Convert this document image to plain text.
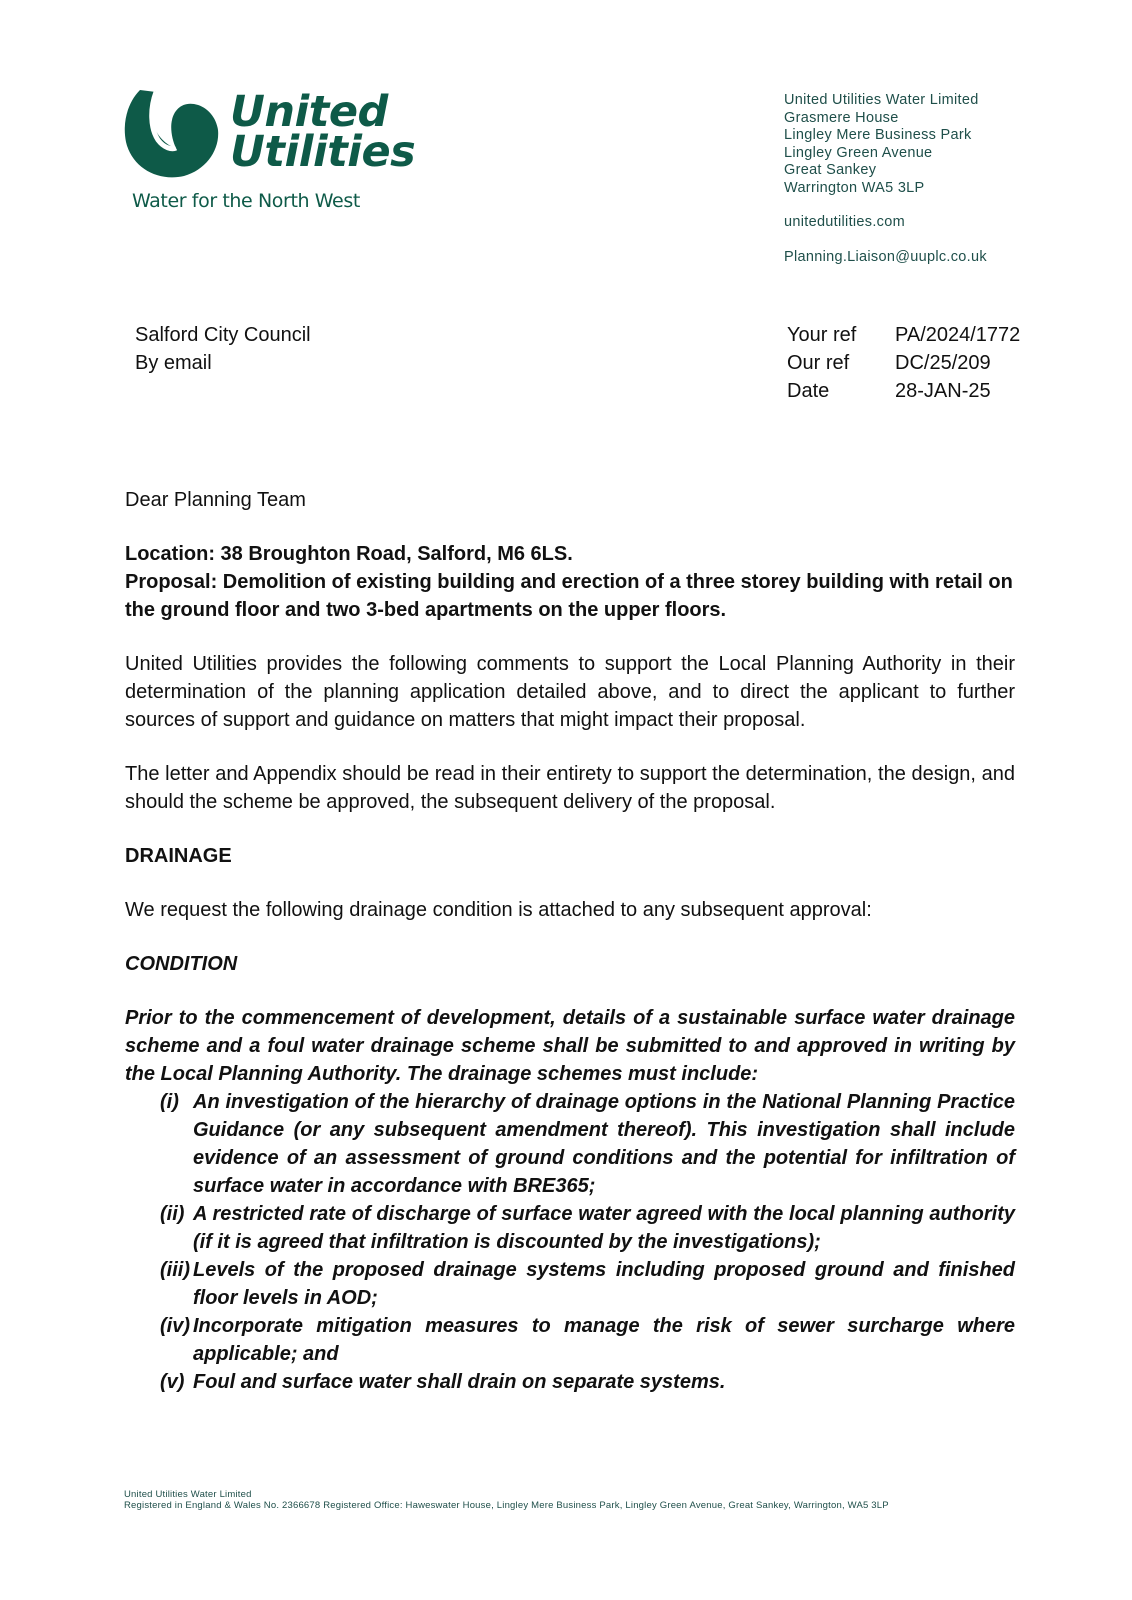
United
Utilities
Water for the North West
United Utilities Water Limited
Grasmere House
Lingley Mere Business Park
Lingley Green Avenue
Great Sankey
Warrington WA5 3LP
unitedutilities.com
Planning.Liaison@uuplc.co.uk
Salford City Council
By email
Your ref	PA/2024/1772
Our ref	DC/25/209
Date	28-JAN-25

Dear Planning Team

Location: 38 Broughton Road, Salford, M6 6LS.

Proposal: Demolition of existing building and erection of a three storey building with retail on the ground floor and two 3-bed apartments on the upper floors.

United Utilities provides the following comments to support the Local Planning Authority in their determination of the planning application detailed above, and to direct the applicant to further sources of support and guidance on matters that might impact their proposal.

The letter and Appendix should be read in their entirety to support the determination, the design, and should the scheme be approved, the subsequent delivery of the proposal.

DRAINAGE

We request the following drainage condition is attached to any subsequent approval:

CONDITION

Prior to the commencement of development, details of a sustainable surface water drainage scheme and a foul water drainage scheme shall be submitted to and approved in writing by the Local Planning Authority. The drainage schemes must include:

(i) An investigation of the hierarchy of drainage options in the National Planning Practice Guidance (or any subsequent amendment thereof). This investigation shall include evidence of an assessment of ground conditions and the potential for infiltration of surface water in accordance with BRE365;
(ii) A restricted rate of discharge of surface water agreed with the local planning authority (if it is agreed that infiltration is discounted by the investigations);
(iii) Levels of the proposed drainage systems including proposed ground and finished floor levels in AOD;
(iv) Incorporate mitigation measures to manage the risk of sewer surcharge where applicable; and
(v) Foul and surface water shall drain on separate systems.
United Utilities Water Limited
Registered in England & Wales No. 2366678 Registered Office: Haweswater House, Lingley Mere Business Park, Lingley Green Avenue, Great Sankey, Warrington, WA5 3LP
